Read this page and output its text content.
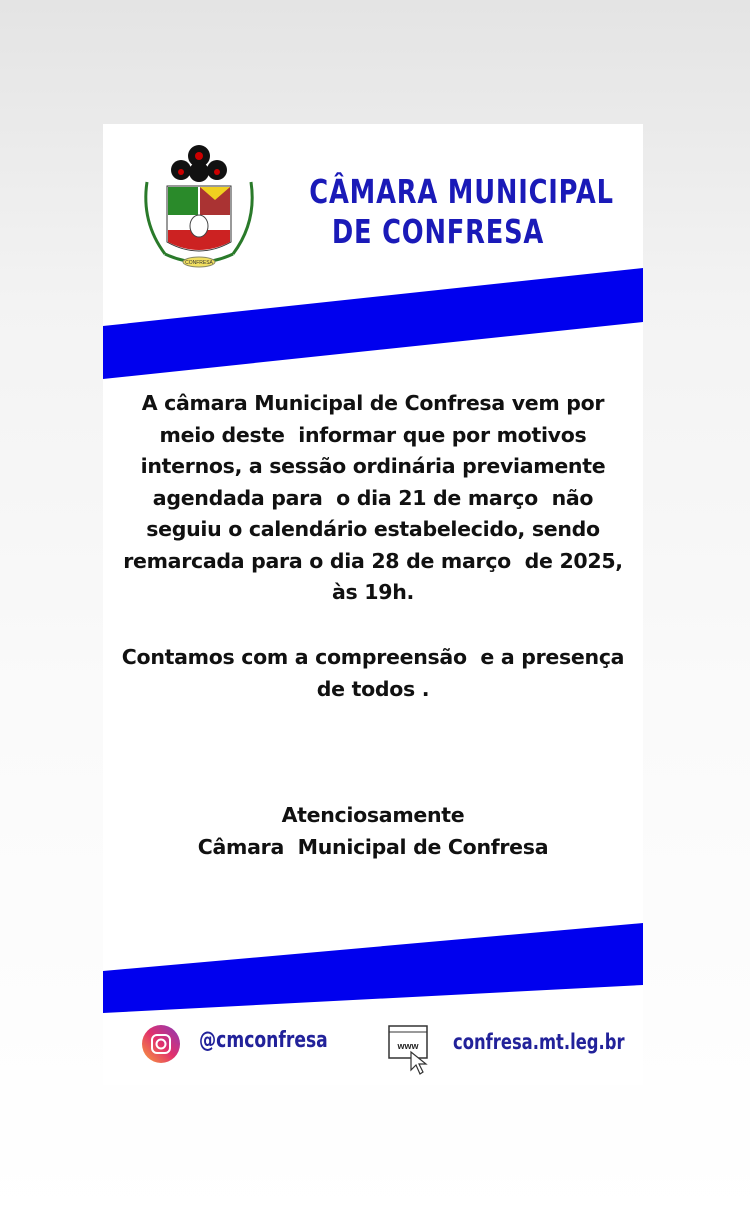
CONFRESA
CÂMARA MUNICIPAL
DE CONFRESA
A câmara Municipal de Confresa vem por
meio deste  informar que por motivos
internos, a sessão ordinária previamente
agendada para  o dia 21 de março  não
seguiu o calendário estabelecido, sendo
remarcada para o dia 28 de março  de 2025,
às 19h.
Contamos com a compreensão  e a presença
de todos .
Atenciosamente
Câmara  Municipal de Confresa
@cmconfresa	www confresa.mt.leg.br
